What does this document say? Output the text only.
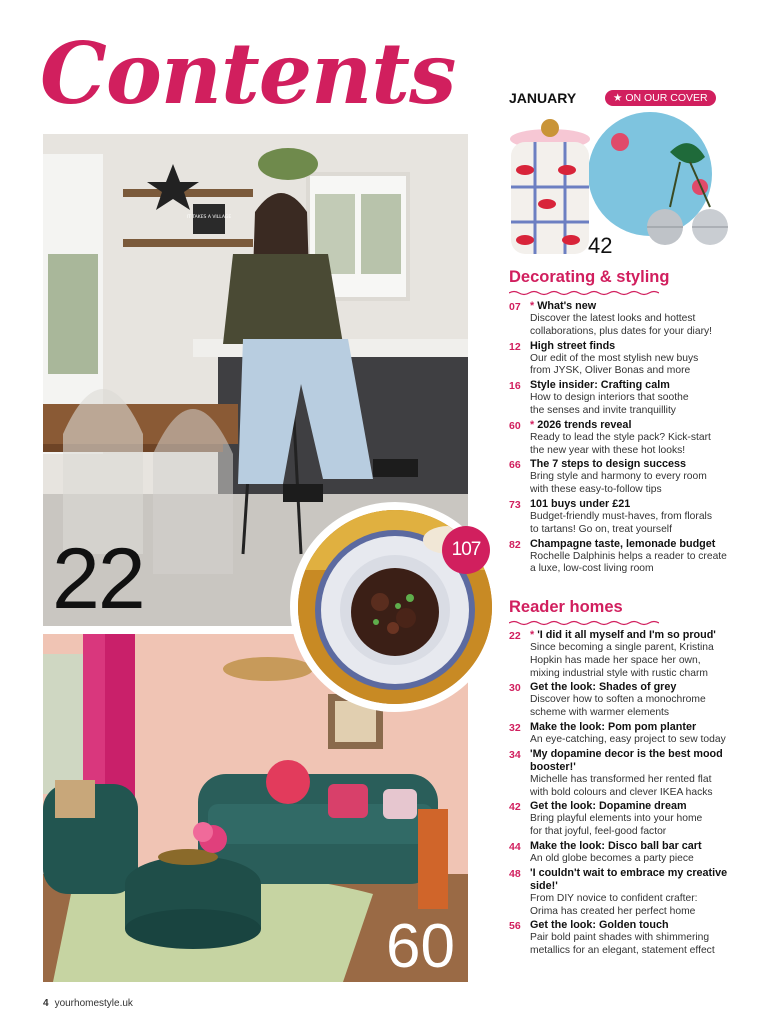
Contents
IT TAKES A VILLAGE
22
60
107
JANUARY	★ ON OUR COVER
42
Decorating & styling
07 * What's new
Discover the latest looks and hottest
collaborations, plus dates for your diary!
12 High street finds
Our edit of the most stylish new buys
from JYSK, Oliver Bonas and more
16 Style insider: Crafting calm
How to design interiors that soothe
the senses and invite tranquillity
60 * 2026 trends reveal
Ready to lead the style pack? Kick-start
the new year with these hot looks!
66 The 7 steps to design success
Bring style and harmony to every room
with these easy-to-follow tips
73 101 buys under £21
Budget-friendly must-haves, from florals
to tartans! Go on, treat yourself
82 Champagne taste, lemonade budget
Rochelle Dalphinis helps a reader to create
a luxe, low-cost living room
Reader homes
22 * 'I did it all myself and I'm so proud'
Since becoming a single parent, Kristina
Hopkin has made her space her own,
mixing industrial style with rustic charm
30 Get the look: Shades of grey
Discover how to soften a monochrome
scheme with warmer elements
32 Make the look: Pom pom planter
An eye-catching, easy project to sew today
34 'My dopamine decor is the best mood booster!'
Michelle has transformed her rented flat
with bold colours and clever IKEA hacks
42 Get the look: Dopamine dream
Bring playful elements into your home
for that joyful, feel-good factor
44 Make the look: Disco ball bar cart
An old globe becomes a party piece
48 'I couldn't wait to embrace my creative side!'
From DIY novice to confident crafter:
Orima has created her perfect home
56 Get the look: Golden touch
Pair bold paint shades with shimmering
metallics for an elegant, statement effect
4 yourhomestyle.uk
